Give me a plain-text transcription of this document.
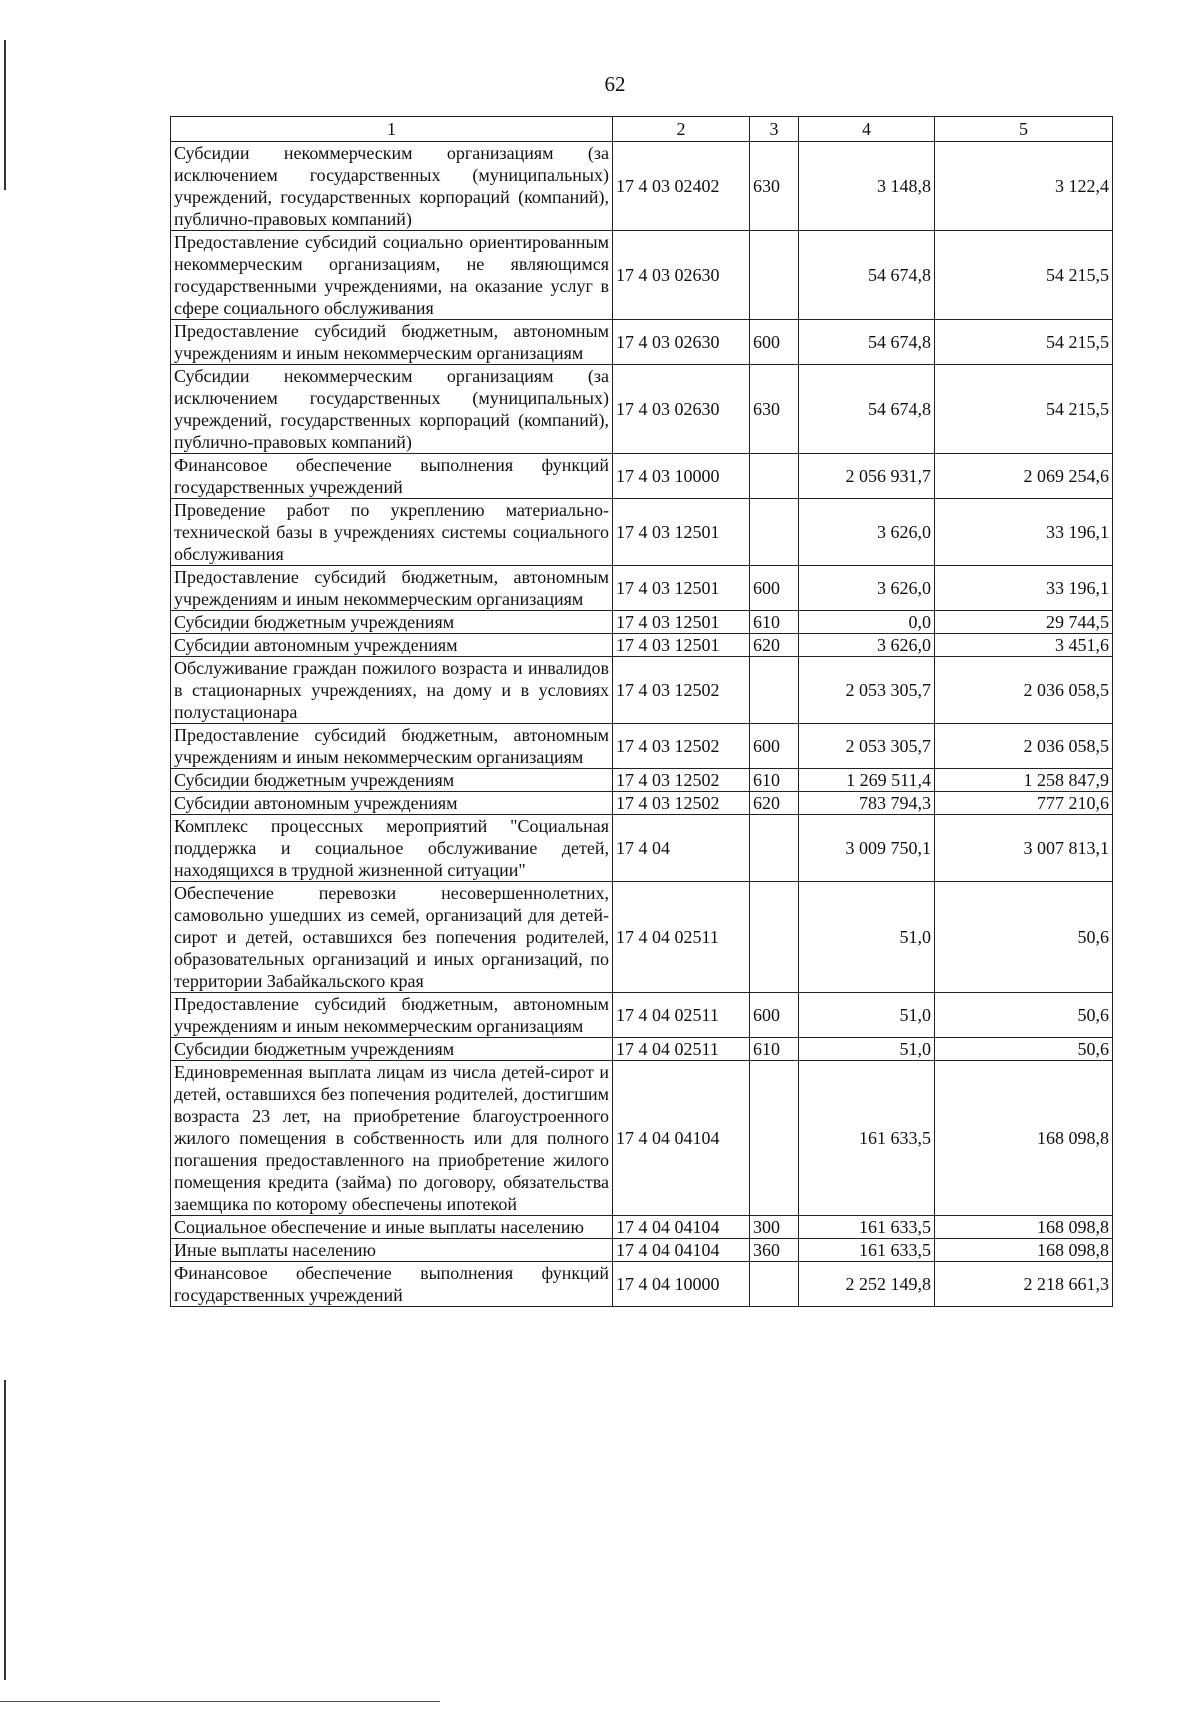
62
1	2	3	4	5
Субсидии некоммерческим организациям (за исключением государственных (муниципальных) учреждений, государственных корпораций (компаний), публично-правовых компаний)	17 4 03 02402	630	3 148,8	3 122,4
Предоставление субсидий социально ориентированным некоммерческим организациям, не являющимся государственными учреждениями, на оказание услуг в сфере социального обслуживания	17 4 03 02630		54 674,8	54 215,5
Предоставление субсидий бюджетным, автономным учреждениям и иным некоммерческим организациям	17 4 03 02630	600	54 674,8	54 215,5
Субсидии некоммерческим организациям (за исключением государственных (муниципальных) учреждений, государственных корпораций (компаний), публично-правовых компаний)	17 4 03 02630	630	54 674,8	54 215,5
Финансовое обеспечение выполнения функций государственных учреждений	17 4 03 10000		2 056 931,7	2 069 254,6
Проведение работ по укреплению материально-технической базы в учреждениях системы социального обслуживания	17 4 03 12501		3 626,0	33 196,1
Предоставление субсидий бюджетным, автономным учреждениям и иным некоммерческим организациям	17 4 03 12501	600	3 626,0	33 196,1
Субсидии бюджетным учреждениям	17 4 03 12501	610	0,0	29 744,5
Субсидии автономным учреждениям	17 4 03 12501	620	3 626,0	3 451,6
Обслуживание граждан пожилого возраста и инвалидов в стационарных учреждениях, на дому и в условиях полустационара	17 4 03 12502		2 053 305,7	2 036 058,5
Предоставление субсидий бюджетным, автономным учреждениям и иным некоммерческим организациям	17 4 03 12502	600	2 053 305,7	2 036 058,5
Субсидии бюджетным учреждениям	17 4 03 12502	610	1 269 511,4	1 258 847,9
Субсидии автономным учреждениям	17 4 03 12502	620	783 794,3	777 210,6
Комплекс процессных мероприятий "Социальная поддержка и социальное обслуживание детей, находящихся в трудной жизненной ситуации"	17 4 04		3 009 750,1	3 007 813,1
Обеспечение перевозки несовершеннолетних, самовольно ушедших из семей, организаций для детей-сирот и детей, оставшихся без попечения родителей, образовательных организаций и иных организаций, по территории Забайкальского края	17 4 04 02511		51,0	50,6
Предоставление субсидий бюджетным, автономным учреждениям и иным некоммерческим организациям	17 4 04 02511	600	51,0	50,6
Субсидии бюджетным учреждениям	17 4 04 02511	610	51,0	50,6
Единовременная выплата лицам из числа детей-сирот и детей, оставшихся без попечения родителей, достигшим возраста 23 лет, на приобретение благоустроенного жилого помещения в собственность или для полного погашения предоставленного на приобретение жилого помещения кредита (займа) по договору, обязательства заемщика по которому обеспечены ипотекой	17 4 04 04104		161 633,5	168 098,8
Социальное обеспечение и иные выплаты населению	17 4 04 04104	300	161 633,5	168 098,8
Иные выплаты населению	17 4 04 04104	360	161 633,5	168 098,8
Финансовое обеспечение выполнения функций государственных учреждений	17 4 04 10000		2 252 149,8	2 218 661,3
